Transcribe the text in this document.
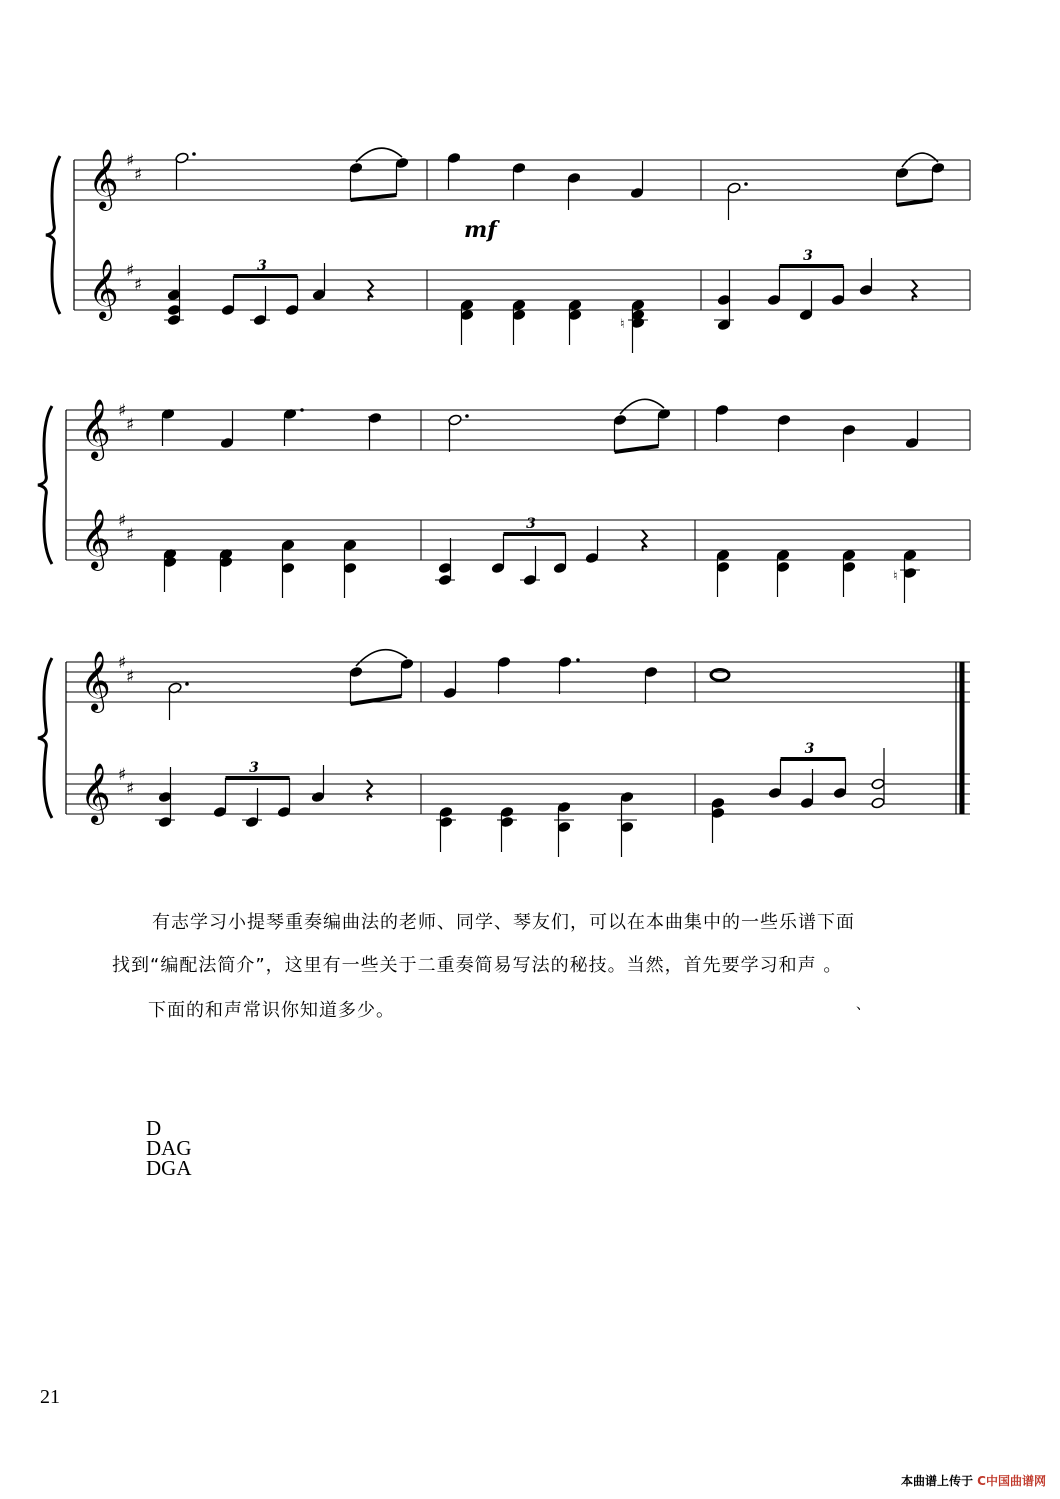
𝄞
𝄞
♯
♯
♯
♯
𝄞
𝄞
♯
♯
♯
♯
𝄞
𝄞
♯
♯
♯
♯
mf
3
♮
3
3
♮
3
3
有志学习小提琴重奏编曲法的老师、同学、琴友们，可以在本曲集中的一些乐谱下面
找到“编配法简介”，这里有一些关于二重奏简易写法的秘技。当然，首先要学习和声 。
下面的和声常识你知道多少。	、
D
DAG
DGA
21
本曲谱上传于 C中国曲谱网
